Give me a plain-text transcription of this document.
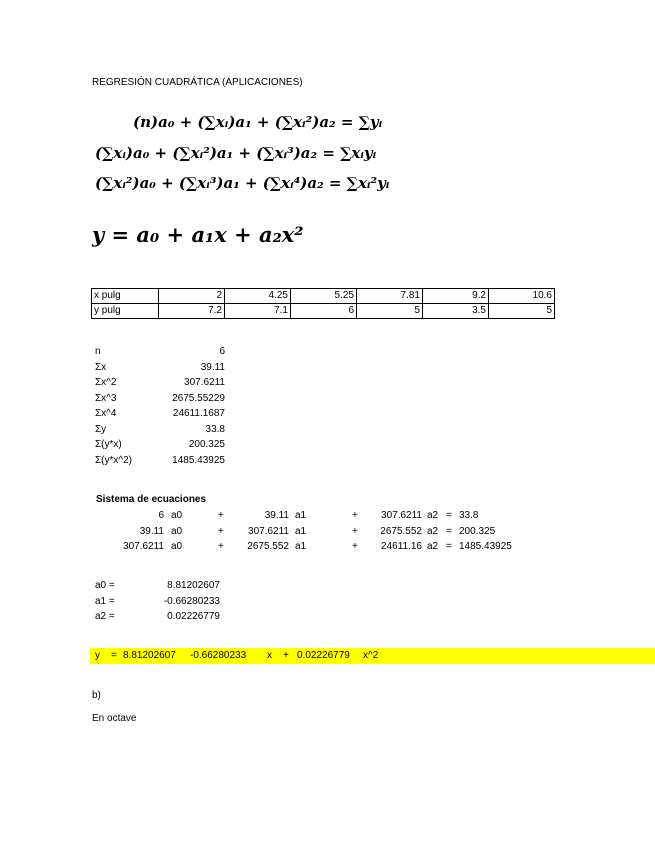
REGRESIÓN CUADRÁTICA (APLICACIONES)
(n)a₀ + (∑xᵢ)a₁ + (∑xᵢ²)a₂ = ∑yᵢ
(∑xᵢ)a₀ + (∑xᵢ²)a₁ + (∑xᵢ³)a₂ = ∑xᵢyᵢ
(∑xᵢ²)a₀ + (∑xᵢ³)a₁ + (∑xᵢ⁴)a₂ = ∑xᵢ²yᵢ
y = a₀ + a₁x + a₂x²
x pulg	2	4.25	5.25	7.81	9.2	10.6
y pulg	7.2	7.1	6	5	3.5	5
n	6
Σx	39.11
Σx^2	307.6211
Σx^3	2675.55229
Σx^4	24611.1687
Σy	33.8
Σ(y*x)	200.325
Σ(y*x^2)	1485.43925
Sistema de ecuaciones
6 a0	+	39.11 a1	+ 307.6211 a2 = 33.8
39.11 a0	+ 307.6211 a1	+ 2675.552 a2 = 200.325
307.6211 a0	+ 2675.552 a1	+ 24611.16 a2 = 1485.43925
a0 =	8.81202607
a1 =	-0.66280233
a2 =	0.02226779
y = 8.81202607 -0.66280233 x + 0.02226779 x^2
b)
En octave
